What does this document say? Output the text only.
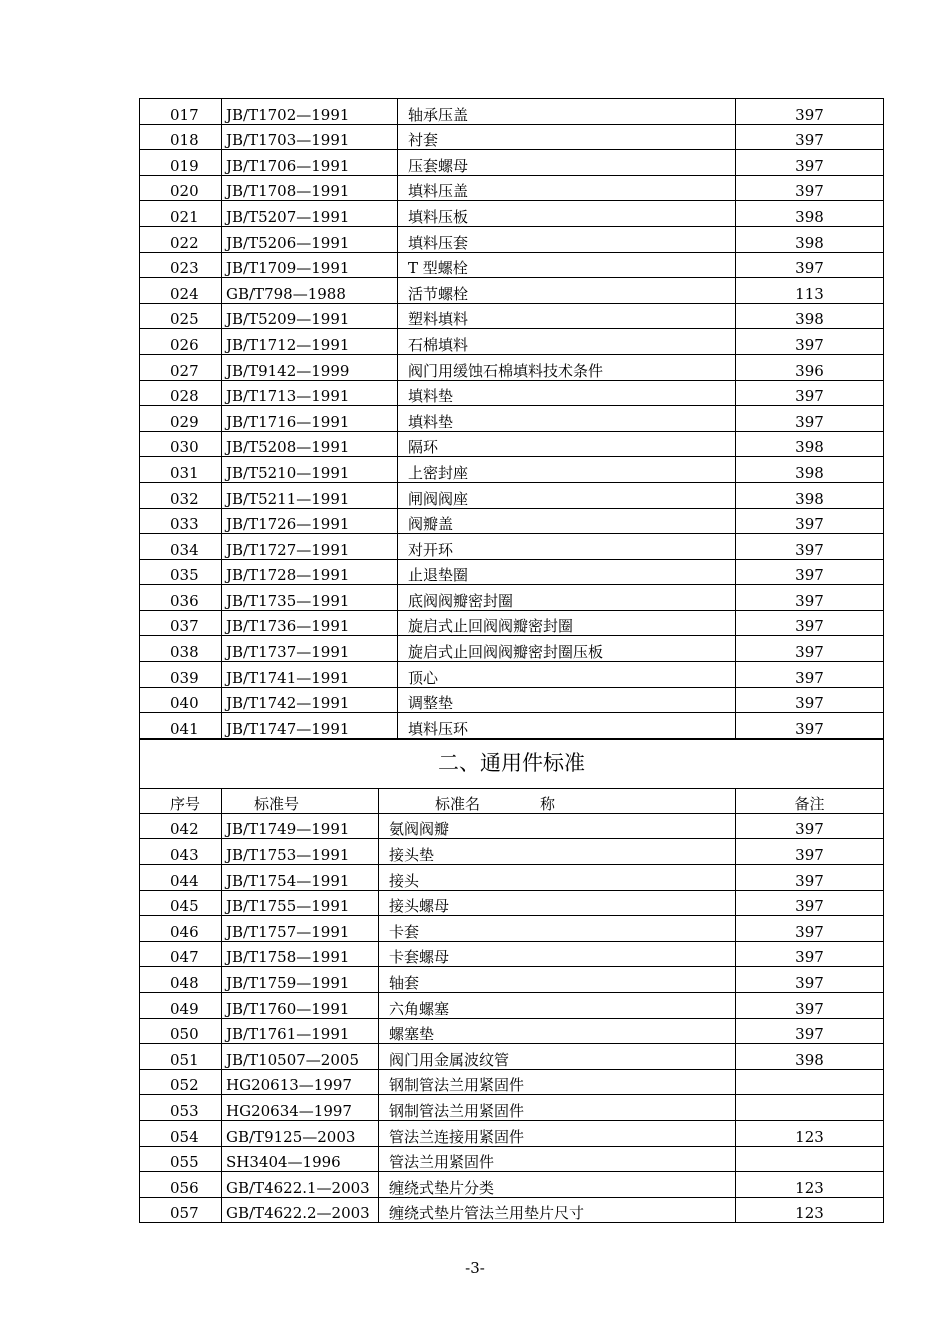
017	JB/T1702—1991	轴承压盖	397
018	JB/T1703—1991	衬套	397
019	JB/T1706—1991	压套螺母	397
020	JB/T1708—1991	填料压盖	397
021	JB/T5207—1991	填料压板	398
022	JB/T5206—1991	填料压套	398
023	JB/T1709—1991	T 型螺栓	397
024	GB/T798—1988	活节螺栓	113
025	JB/T5209—1991	塑料填料	398
026	JB/T1712—1991	石棉填料	397
027	JB/T9142—1999	阀门用缓蚀石棉填料技术条件	396
028	JB/T1713—1991	填料垫	397
029	JB/T1716—1991	填料垫	397
030	JB/T5208—1991	隔环	398
031	JB/T5210—1991	上密封座	398
032	JB/T5211—1991	闸阀阀座	398
033	JB/T1726—1991	阀瓣盖	397
034	JB/T1727—1991	对开环	397
035	JB/T1728—1991	止退垫圈	397
036	JB/T1735—1991	底阀阀瓣密封圈	397
037	JB/T1736—1991	旋启式止回阀阀瓣密封圈	397
038	JB/T1737—1991	旋启式止回阀阀瓣密封圈压板	397
039	JB/T1741—1991	顶心	397
040	JB/T1742—1991	调整垫	397
041	JB/T1747—1991	填料压环	397
二、通用件标准			
序号	标准号	标准名　　　　称	备注
042	JB/T1749—1991	氨阀阀瓣	397
043	JB/T1753—1991	接头垫	397
044	JB/T1754—1991	接头	397
045	JB/T1755—1991	接头螺母	397
046	JB/T1757—1991	卡套	397
047	JB/T1758—1991	卡套螺母	397
048	JB/T1759—1991	轴套	397
049	JB/T1760—1991	六角螺塞	397
050	JB/T1761—1991	螺塞垫	397
051	JB/T10507—2005	阀门用金属波纹管	398
052	HG20613—1997	钢制管法兰用紧固件	
053	HG20634—1997	钢制管法兰用紧固件	
054	GB/T9125—2003	管法兰连接用紧固件	123
055	SH3404—1996	管法兰用紧固件	
056	GB/T4622.1—2003	缠绕式垫片分类	123
057	GB/T4622.2—2003	缠绕式垫片管法兰用垫片尺寸	123
-3-
